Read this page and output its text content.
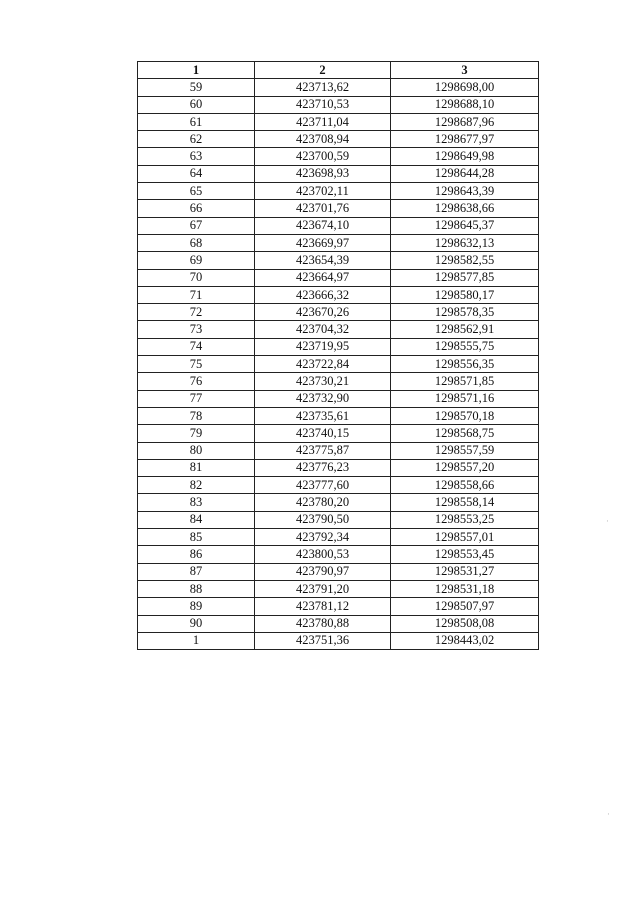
1	2	3
59	423713,62	1298698,00
60	423710,53	1298688,10
61	423711,04	1298687,96
62	423708,94	1298677,97
63	423700,59	1298649,98
64	423698,93	1298644,28
65	423702,11	1298643,39
66	423701,76	1298638,66
67	423674,10	1298645,37
68	423669,97	1298632,13
69	423654,39	1298582,55
70	423664,97	1298577,85
71	423666,32	1298580,17
72	423670,26	1298578,35
73	423704,32	1298562,91
74	423719,95	1298555,75
75	423722,84	1298556,35
76	423730,21	1298571,85
77	423732,90	1298571,16
78	423735,61	1298570,18
79	423740,15	1298568,75
80	423775,87	1298557,59
81	423776,23	1298557,20
82	423777,60	1298558,66
83	423780,20	1298558,14
84	423790,50	1298553,25
85	423792,34	1298557,01
86	423800,53	1298553,45
87	423790,97	1298531,27
88	423791,20	1298531,18
89	423781,12	1298507,97
90	423780,88	1298508,08
1	423751,36	1298443,02
·
·
